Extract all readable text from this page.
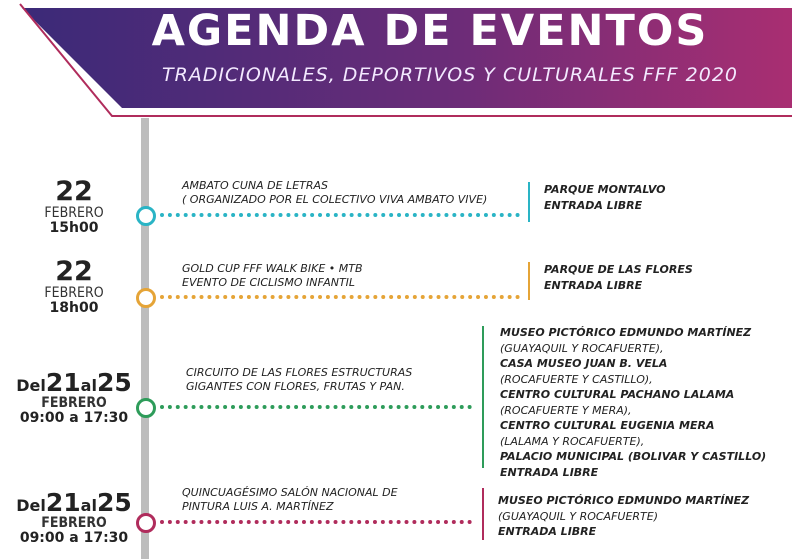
AGENDA DE EVENTOS
TRADICIONALES, DEPORTIVOS Y CULTURALES FFF 2020
22
FEBRERO
15h00
AMBATO CUNA DE LETRAS
( ORGANIZADO POR EL COLECTIVO VIVA AMBATO VIVE)
PARQUE MONTALVO
ENTRADA LIBRE
22
FEBRERO
18h00
GOLD CUP FFF WALK BIKE • MTB
EVENTO DE CICLISMO INFANTIL
PARQUE DE LAS FLORES
ENTRADA LIBRE
Del21al25
FEBRERO
09:00 a 17:30
CIRCUITO DE LAS FLORES ESTRUCTURAS
GIGANTES CON FLORES, FRUTAS Y PAN.
MUSEO PICTÓRICO EDMUNDO MARTÍNEZ
(GUAYAQUIL Y ROCAFUERTE),
CASA MUSEO JUAN B. VELA
(ROCAFUERTE Y CASTILLO),
CENTRO CULTURAL PACHANO LALAMA
(ROCAFUERTE Y MERA),
CENTRO CULTURAL EUGENIA MERA
(LALAMA Y ROCAFUERTE),
PALACIO MUNICIPAL (BOLIVAR Y CASTILLO)
ENTRADA LIBRE
Del21al25
FEBRERO
09:00 a 17:30
QUINCUAGÉSIMO SALÓN NACIONAL DE
PINTURA LUIS A. MARTÍNEZ	MUSEO PICTÓRICO EDMUNDO MARTÍNEZ
(GUAYAQUIL Y ROCAFUERTE)
ENTRADA LIBRE
